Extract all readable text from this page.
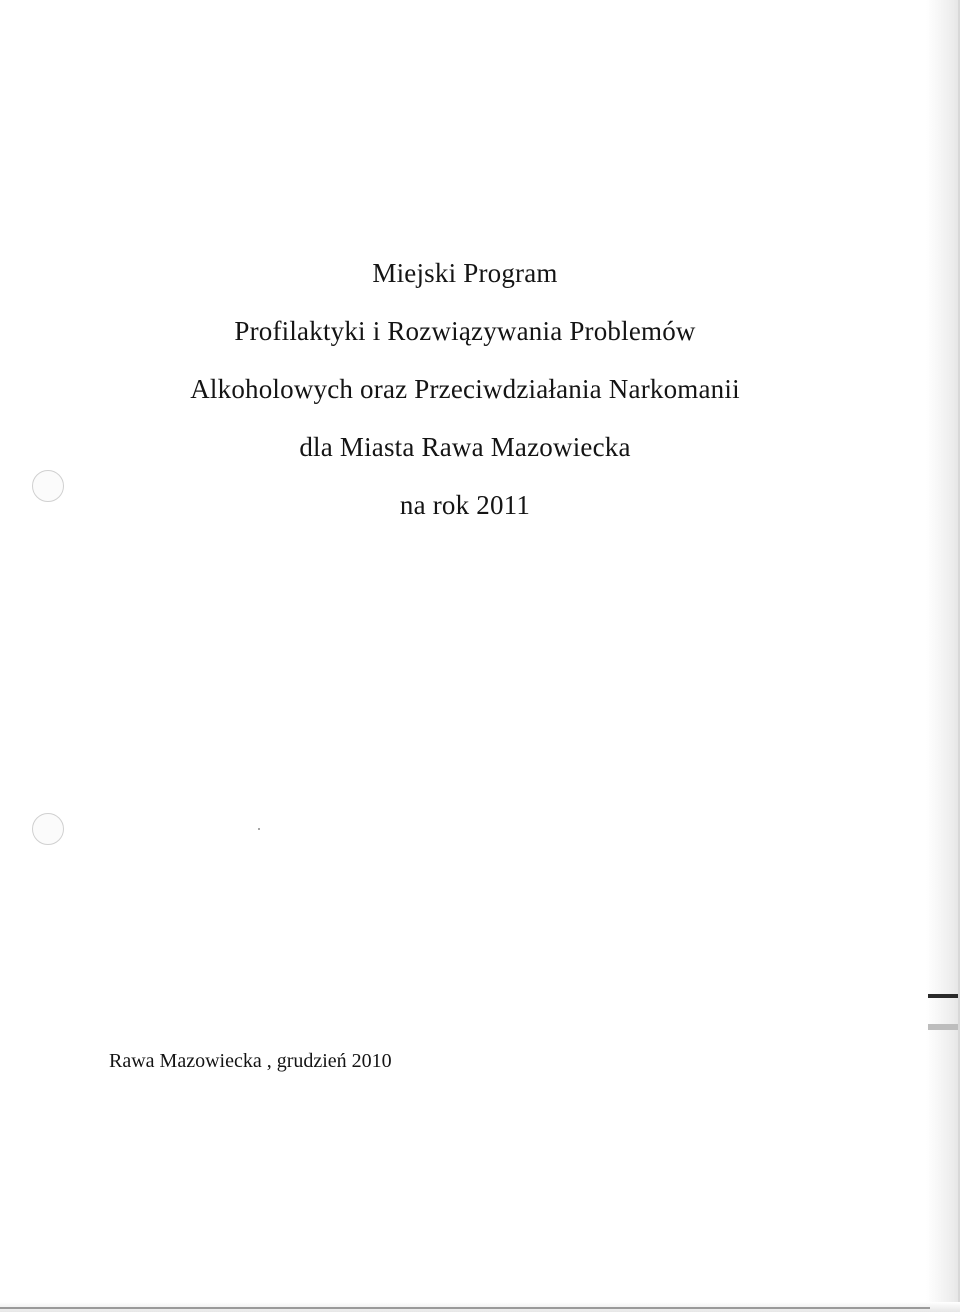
Miejski Program
Profilaktyki i Rozwiązywania Problemów
Alkoholowych oraz Przeciwdziałania Narkomanii
dla Miasta Rawa Mazowiecka
na rok 2011
Rawa Mazowiecka , grudzień 2010
